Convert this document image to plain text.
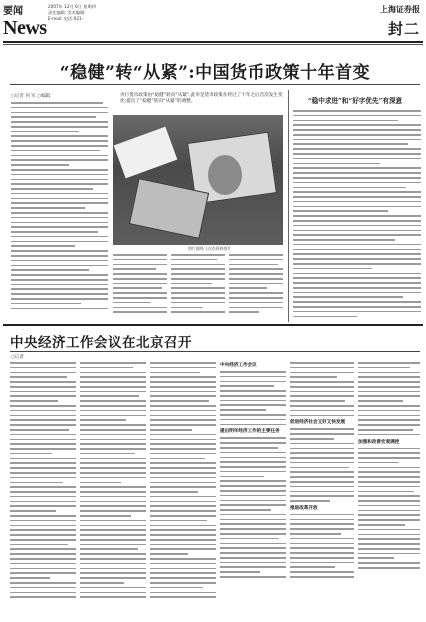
要闻
News
2007年 12月 6日 星期四
责任编辑: 美术编辑:
E-mail: 电话:021-
上海证券报
封二
“稳健”转“从紧”:中国货币政策十年首变
○记者 何 军 ○编辑	央行货币政策由“稳健”转向“从紧”,此举是货币政策在经过了十年之后首次发生变化;提出了“稳健”转向“从紧”的调整。
图片说明:人民币资料图片
“稳中求进”和“好字优先”有深意
中央经济工作会议在北京召开
○记者
中央经济工作会议
提出明年经济工作的主要任务
促进经济社会又好又快发展
推进改革开放
加强和改善宏观调控
